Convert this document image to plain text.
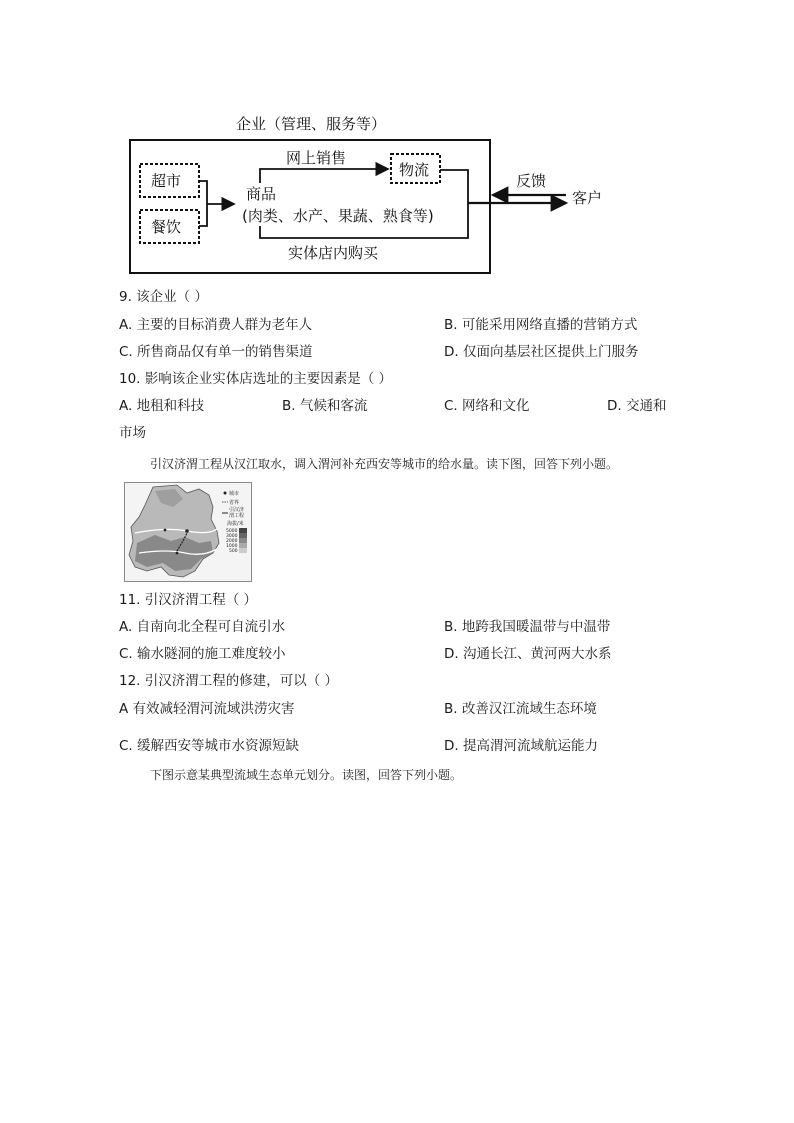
企业（管理、服务等）
超市
餐饮
商品
(肉类、水产、果蔬、熟食等)
网上销售
物流
实体店内购买
反馈
客户
9. 该企业（ ）
A. 主要的目标消费人群为老年人	B. 可能采用网络直播的营销方式
C. 所售商品仅有单一的销售渠道	D. 仅面向基层社区提供上门服务
10. 影响该企业实体店选址的主要因素是（ ）
A. 地租和科技	B. 气候和客流	C. 网络和文化	D. 交通和
市场
引汉济渭工程从汉江取水，调入渭河补充西安等城市的给水量。读下图，回答下列小题。
城市
省界
引汉济
渭工程
海拔/米
5000
3000
2000
1000
500
11. 引汉济渭工程（ ）
A. 自南向北全程可自流引水	B. 地跨我国暖温带与中温带
C. 输水隧洞的施工难度较小	D. 沟通长江、黄河两大水系
12. 引汉济渭工程的修建，可以（ ）
A 有效减轻渭河流域洪涝灾害	B. 改善汉江流域生态环境
C. 缓解西安等城市水资源短缺	D. 提高渭河流域航运能力
下图示意某典型流域生态单元划分。读图，回答下列小题。
